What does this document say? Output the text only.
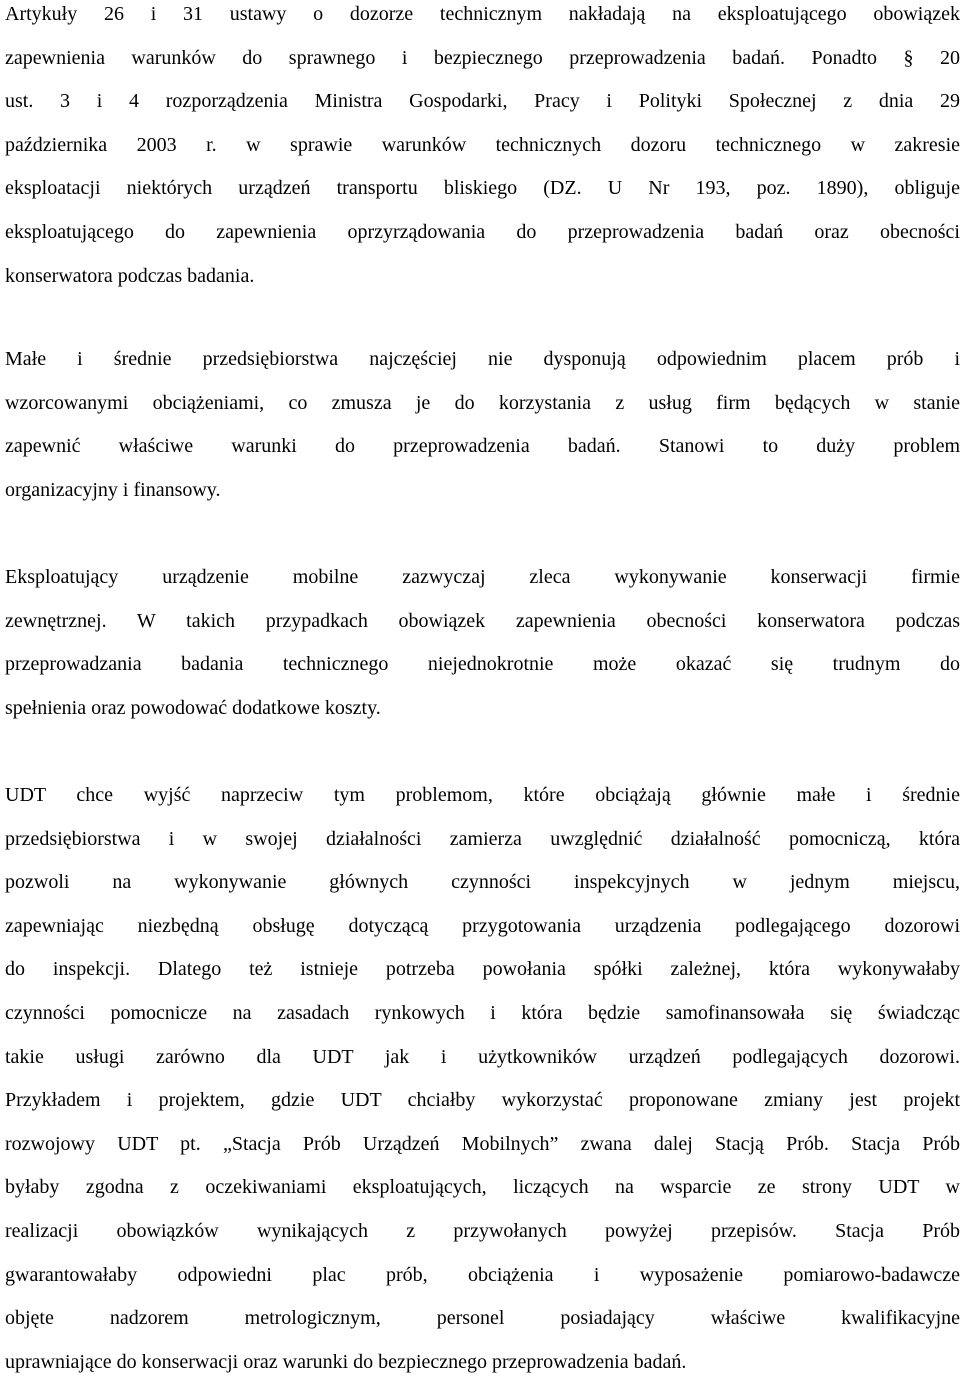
Artykuły 26 i 31 ustawy o dozorze technicznym nakładają na eksploatującego obowiązek
zapewnienia warunków do sprawnego i bezpiecznego przeprowadzenia badań. Ponadto § 20
ust. 3 i 4 rozporządzenia Ministra Gospodarki, Pracy i Polityki Społecznej z dnia 29
października 2003 r. w sprawie warunków technicznych dozoru technicznego w zakresie
eksploatacji niektórych urządzeń transportu bliskiego (DZ. U Nr 193, poz. 1890), obliguje
eksploatującego do zapewnienia oprzyrządowania do przeprowadzenia badań oraz obecności
konserwatora podczas badania.
Małe i średnie przedsiębiorstwa najczęściej nie dysponują odpowiednim placem prób i
wzorcowanymi obciążeniami, co zmusza je do korzystania z usług firm będących w stanie
zapewnić właściwe warunki do przeprowadzenia badań. Stanowi to duży problem
organizacyjny i finansowy.
Eksploatujący urządzenie mobilne zazwyczaj zleca wykonywanie konserwacji firmie
zewnętrznej. W takich przypadkach obowiązek zapewnienia obecności konserwatora podczas
przeprowadzania badania technicznego niejednokrotnie może okazać się trudnym do
spełnienia oraz powodować dodatkowe koszty.
UDT chce wyjść naprzeciw tym problemom, które obciążają głównie małe i średnie
przedsiębiorstwa i w swojej działalności zamierza uwzględnić działalność pomocniczą, która
pozwoli na wykonywanie głównych czynności inspekcyjnych w jednym miejscu,
zapewniając niezbędną obsługę dotyczącą przygotowania urządzenia podlegającego dozorowi
do inspekcji. Dlatego też istnieje potrzeba powołania spółki zależnej, która wykonywałaby
czynności pomocnicze na zasadach rynkowych i która będzie samofinansowała się świadcząc
takie usługi zarówno dla UDT jak i użytkowników urządzeń podlegających dozorowi.
Przykładem i projektem, gdzie UDT chciałby wykorzystać proponowane zmiany jest projekt
rozwojowy UDT pt. „Stacja Prób Urządzeń Mobilnych” zwana dalej Stacją Prób. Stacja Prób
byłaby zgodna z oczekiwaniami eksploatujących, liczących na wsparcie ze strony UDT w
realizacji obowiązków wynikających z przywołanych powyżej przepisów. Stacja Prób
gwarantowałaby odpowiedni plac prób, obciążenia i wyposażenie pomiarowo-badawcze
objęte nadzorem metrologicznym, personel posiadający właściwe kwalifikacyjne
uprawniające do konserwacji oraz warunki do bezpiecznego przeprowadzenia badań.
